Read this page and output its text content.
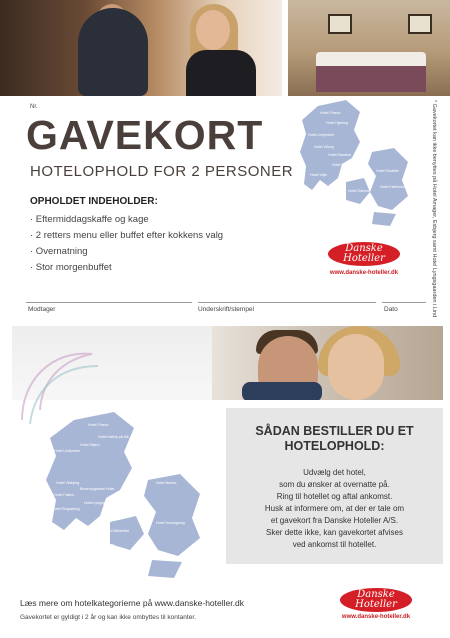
Nr.
GAVEKORT
HOTELOPHOLD FOR 2 PERSONER
OPHOLDET INDEHOLDER:
· Eftermiddagskaffe og kage
· 2 retters menu eller buffet efter kokkens valg
· Overnatning
· Stor morgenbuffet	* Gavekortet kan ikke benyttes på Hotel Amager, Esbjerg samt Hotel Lyngsgaarden i Lind
Hotel Phønix
Hotel Hjørring
Hotel Limfjorden
Hotel Viborg
Hotel Randers
Hotel Aarhus
Hotel Vejle
Hotel Odense
Hotel Roskilde
Hotel København
Danske
Hoteller
www.danske-hoteller.dk
Modtager	Underskrift/stempel	Dato
Hotel Phønix
Hotel Hafnia på Alb
Hotel Skjern
Hotel Limfjorden
Hotel Vildbjerg
Bisserupgaards Hotel
Hotel Falken
Hotel Ringkøbing
Hotel Lyngsgaarden
Hotel Marina
Hotel Amager
Hotel Sønderborg
Hotel Vordingborg
Hotel Svendborg
Hotel Middelfart
SÅDAN BESTILLER DU ET
HOTELOPHOLD:
Udvælg det hotel,
som du ønsker at overnatte på.
Ring til hotellet og aftal ankomst.
Husk at informere om, at der er tale om
et gavekort fra Danske Hoteller A/S.
Sker dette ikke, kan gavekortet afvises
ved ankomst til hotellet.
Læs mere om hotelkategorierne på www.danske-hoteller.dk
Gavekortet er gyldigt i 2 år og kan ikke ombyttes til kontanter.
Danske
Hoteller
www.danske-hoteller.dk
